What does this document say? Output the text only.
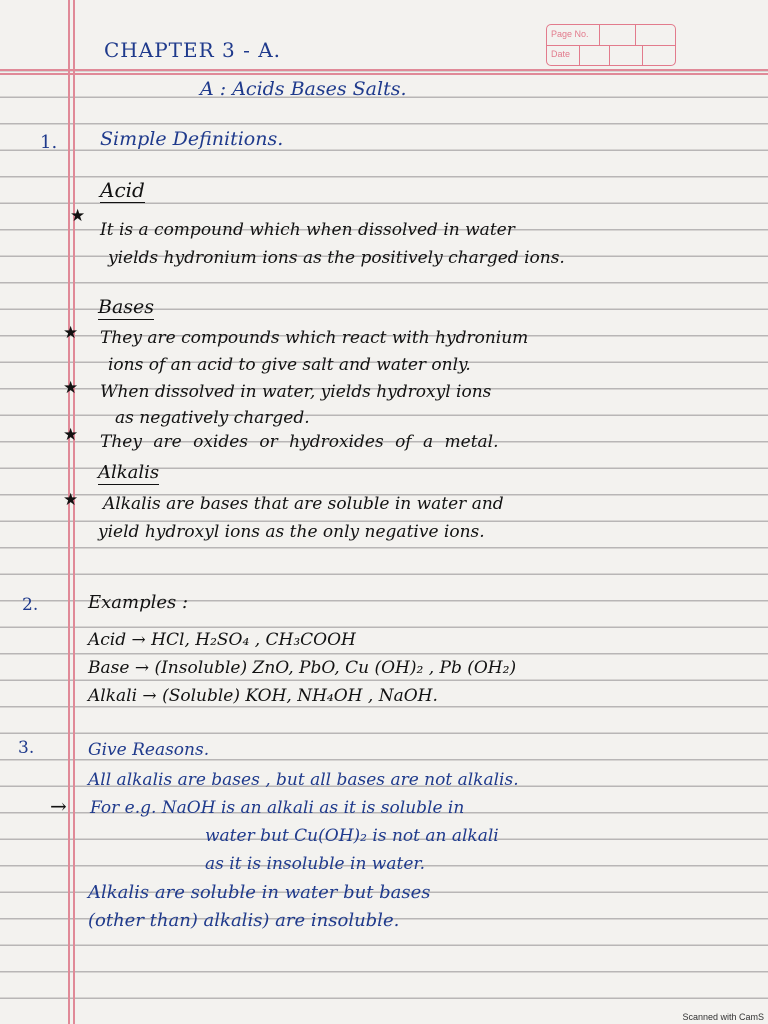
Page No.
Date
CHAPTER 3 - A.
A : Acids Bases Salts.
1. Simple Definitions.
Acid
★
It is a compound which when dissolved in water
yields hydronium ions as the positively charged ions.
Bases
★ They are compounds which react with hydronium
ions of an acid to give salt and water only.
★ When dissolved in water, yields hydroxyl ions
as negatively charged.
★ They are oxides or hydroxides of a metal.
Alkalis
★ Alkalis are bases that are soluble in water and
yield hydroxyl ions as the only negative ions.
2.	Examples :
Acid → HCl, H₂SO₄ , CH₃COOH
Base → (Insoluble) ZnO, PbO, Cu (OH)₂ , Pb (OH₂)
Alkali → (Soluble) KOH, NH₄OH , NaOH.
3.	Give Reasons.
All alkalis are bases , but all bases are not alkalis.
→ For e.g. NaOH is an alkali as it is soluble in
water but Cu(OH)₂ is not an alkali
as it is insoluble in water.
Alkalis are soluble in water but bases
(other than) alkalis) are insoluble.
Scanned with CamS
